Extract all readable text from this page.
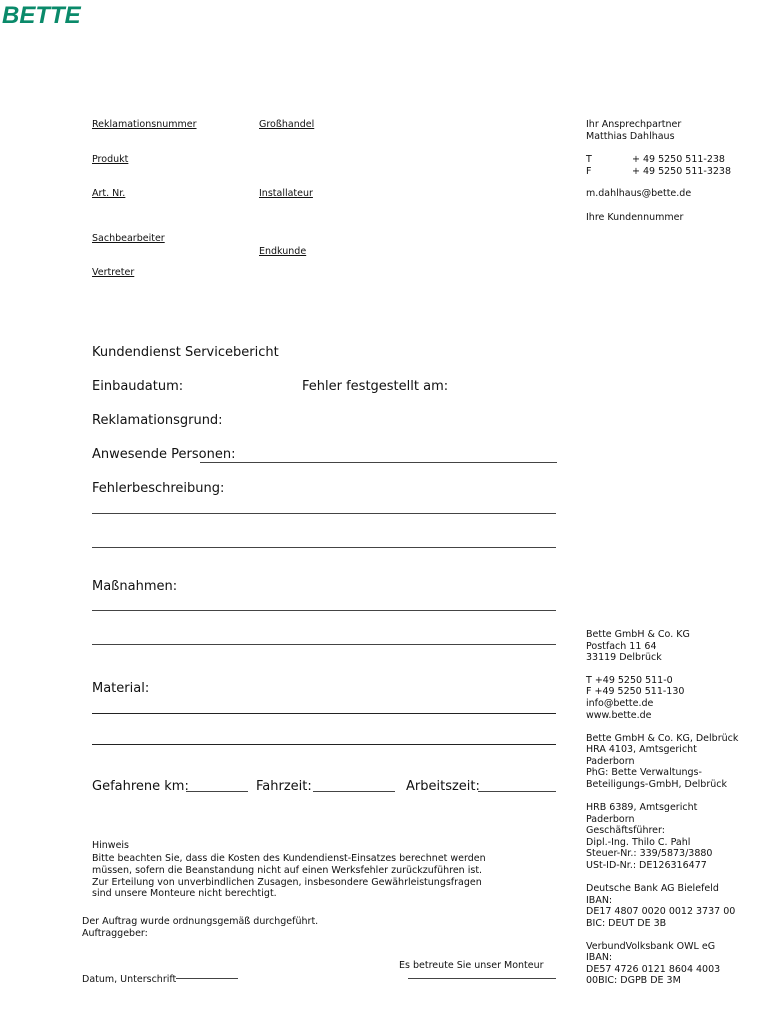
BETTE
Reklamationsnummer	Großhandel
Produkt
Art. Nr.	Installateur
Sachbearbeiter
Endkunde
Vertreter
Ihr Ansprechpartner
Matthias Dahlhaus
T	+ 49 5250 511-238
F	+ 49 5250 511-3238
m.dahlhaus@bette.de
Ihre Kundennummer
Kundendienst Servicebericht
Einbaudatum:	Fehler festgestellt am:
Reklamationsgrund:
Anwesende Personen:
Fehlerbeschreibung:
Maßnahmen:
Material:
Gefahrene km:	Fahrzeit:	Arbeitszeit:
Hinweis
Bitte beachten Sie, dass die Kosten des Kundendienst-Einsatzes berechnet werden
müssen, sofern die Beanstandung nicht auf einen Werksfehler zurückzuführen ist.
Zur Erteilung von unverbindlichen Zusagen, insbesondere Gewährleistungsfragen
sind unsere Monteure nicht berechtigt.
Der Auftrag wurde ordnungsgemäß durchgeführt.
Auftraggeber:
Es betreute Sie unser Monteur
Datum, Unterschrift
Bette GmbH & Co. KG
Postfach 11 64
33119 Delbrück
T +49 5250 511-0
F +49 5250 511-130
info@bette.de
www.bette.de
Bette GmbH & Co. KG, Delbrück
HRA 4103, Amtsgericht
Paderborn
PhG: Bette Verwaltungs-
Beteiligungs-GmbH, Delbrück
HRB 6389, Amtsgericht
Paderborn
Geschäftsführer:
Dipl.-Ing. Thilo C. Pahl
Steuer-Nr.: 339/5873/3880
USt-ID-Nr.: DE126316477
Deutsche Bank AG Bielefeld
IBAN:
DE17 4807 0020 0012 3737 00
BIC: DEUT DE 3B
VerbundVolksbank OWL eG
IBAN:
DE57 4726 0121 8604 4003
00BIC: DGPB DE 3M
